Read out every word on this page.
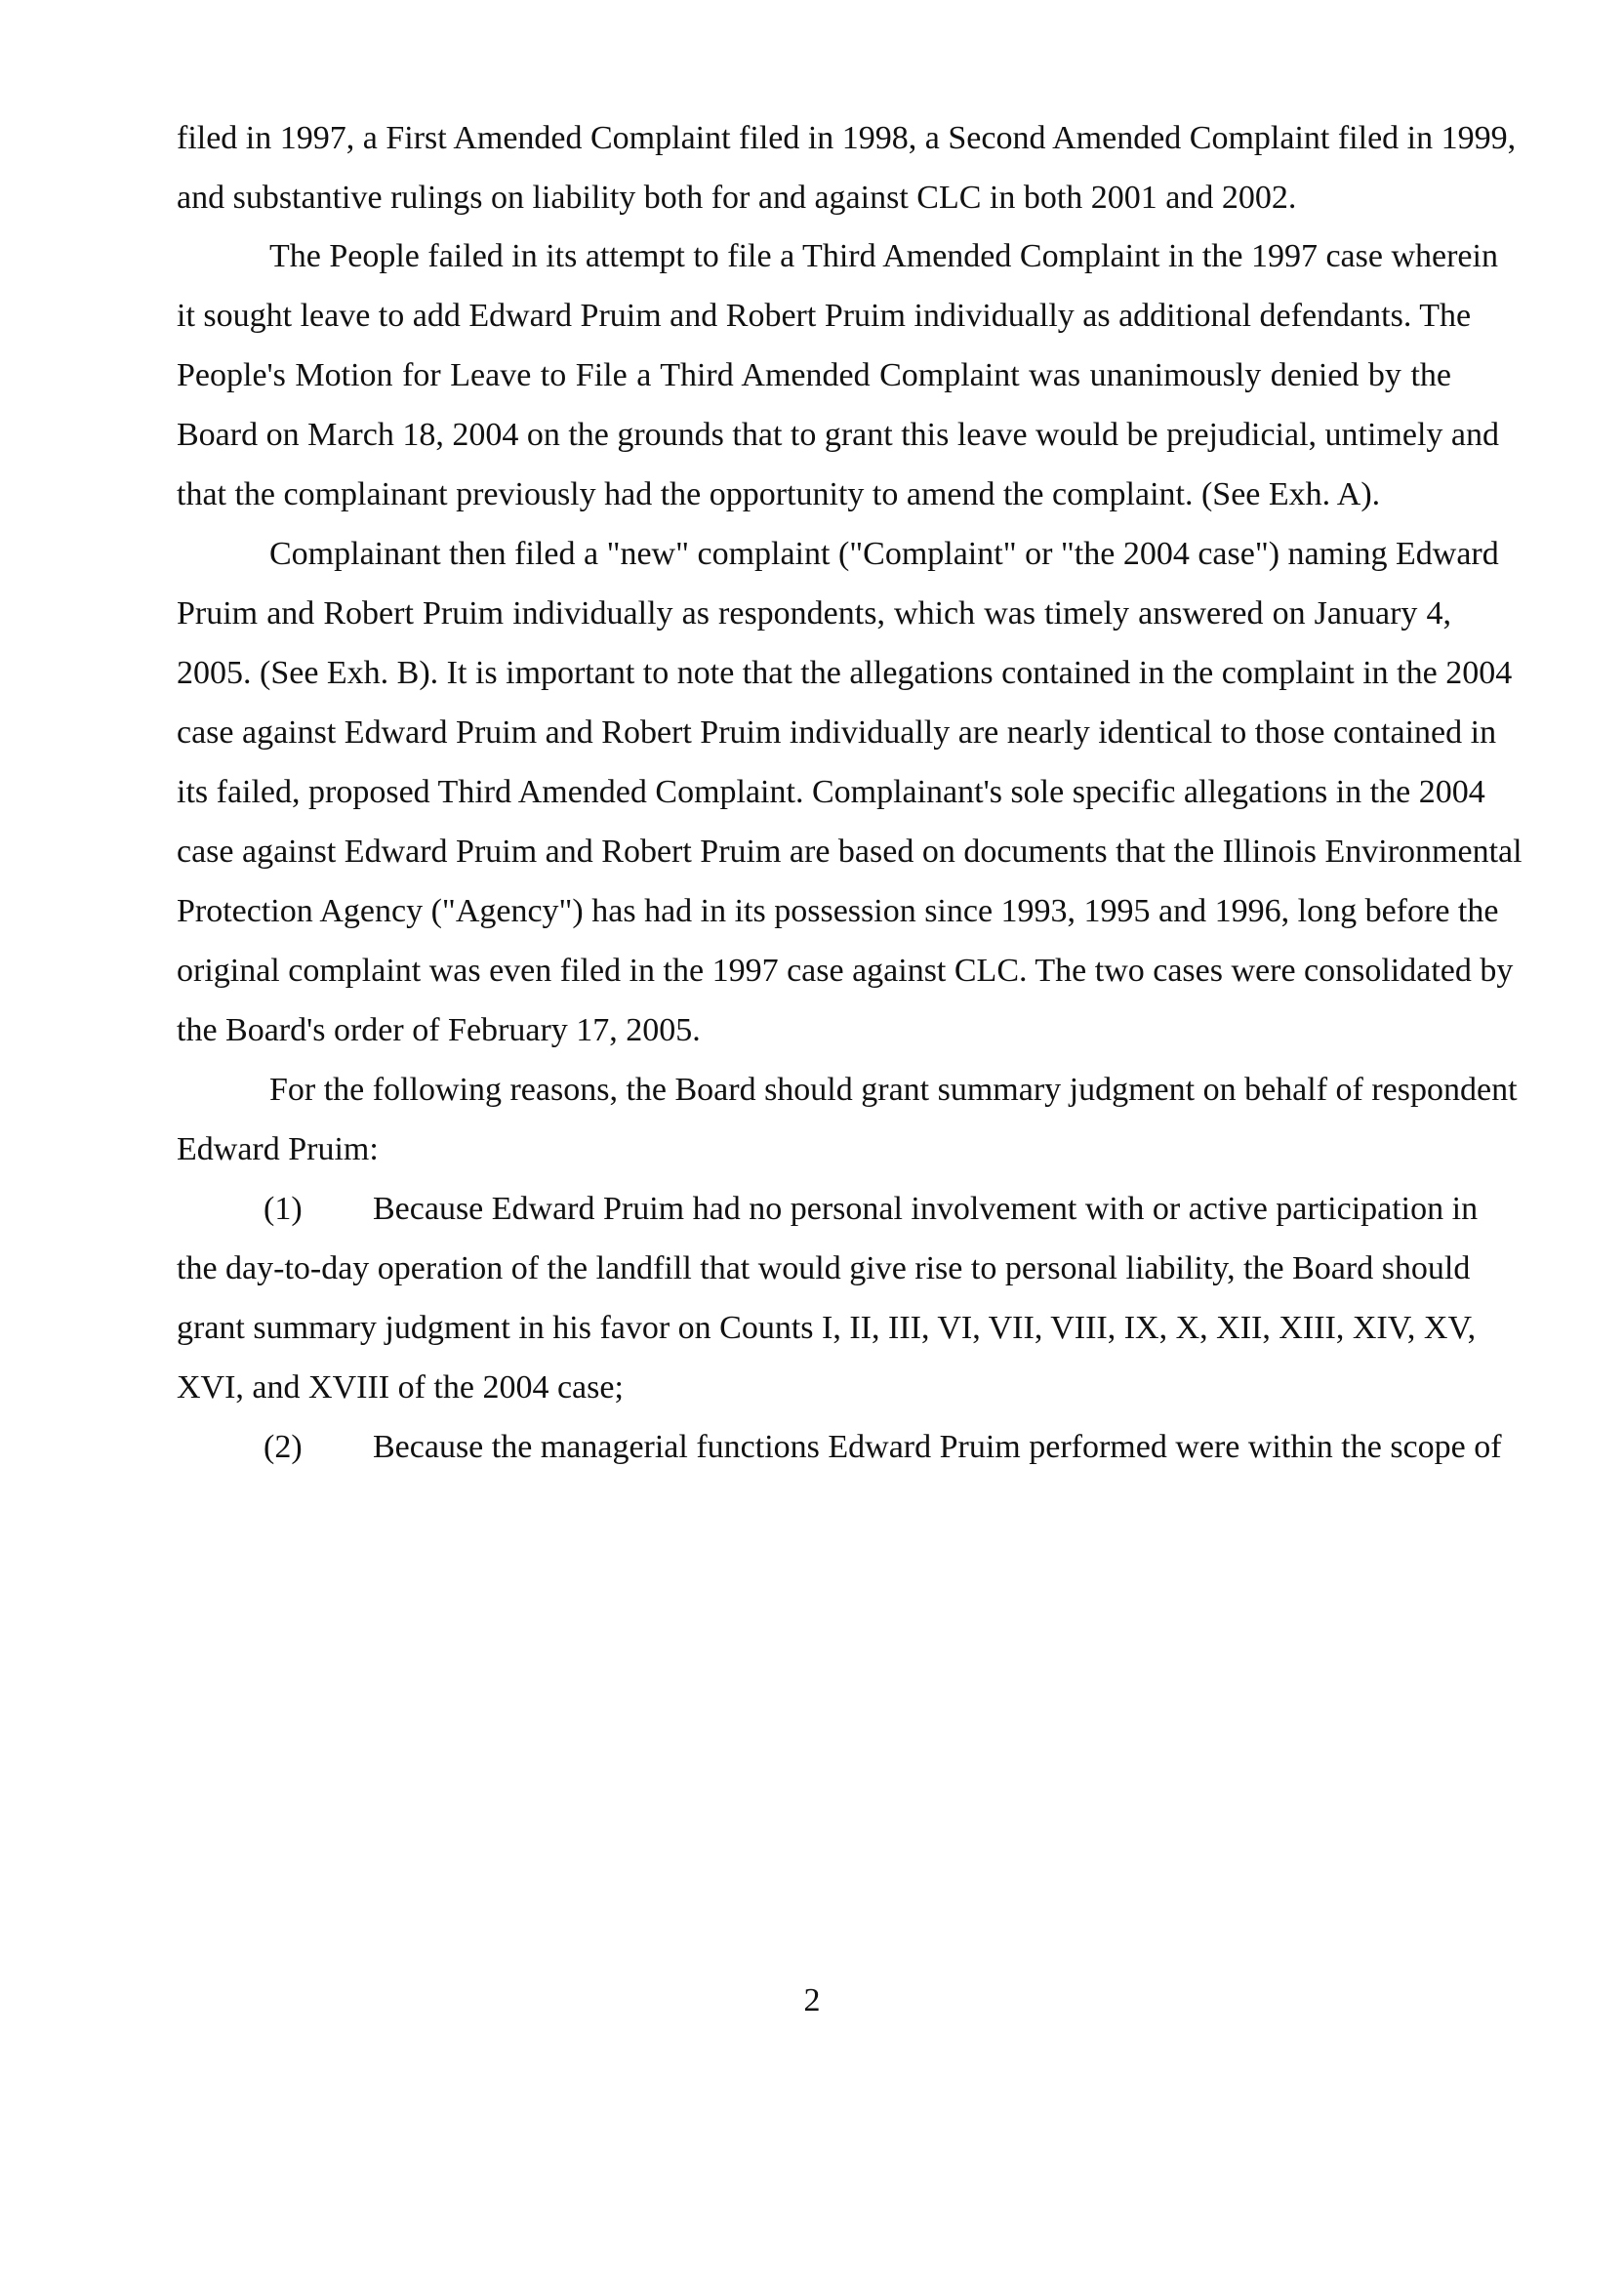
filed in 1997, a First Amended Complaint filed in 1998, a Second Amended Complaint filed in 1999,
and substantive rulings on liability both for and against CLC in both 2001 and 2002.
The People failed in its attempt to file a Third Amended Complaint in the 1997 case wherein
it sought leave to add Edward Pruim and Robert Pruim individually as additional defendants. The
People's Motion for Leave to File a Third Amended Complaint was unanimously denied by the
Board on March 18, 2004 on the grounds that to grant this leave would be prejudicial, untimely and
that the complainant previously had the opportunity to amend the complaint. (See Exh. A).
Complainant then filed a "new" complaint ("Complaint" or "the 2004 case") naming Edward
Pruim and Robert Pruim individually as respondents, which was timely answered on January 4,
2005. (See Exh. B). It is important to note that the allegations contained in the complaint in the 2004
case against Edward Pruim and Robert Pruim individually are nearly identical to those contained in
its failed, proposed Third Amended Complaint. Complainant's sole specific allegations in the 2004
case against Edward Pruim and Robert Pruim are based on documents that the Illinois Environmental
Protection Agency ("Agency") has had in its possession since 1993, 1995 and 1996, long before the
original complaint was even filed in the 1997 case against CLC. The two cases were consolidated by
the Board's order of February 17, 2005.
For the following reasons, the Board should grant summary judgment on behalf of respondent
Edward Pruim:
(1)	Because Edward Pruim had no personal involvement with or active participation in
the day-to-day operation of the landfill that would give rise to personal liability, the Board should
grant summary judgment in his favor on Counts I, II, III, VI, VII, VIII, IX, X, XII, XIII, XIV, XV,
XVI, and XVIII of the 2004 case;
(2)	Because the managerial functions Edward Pruim performed were within the scope of
2
